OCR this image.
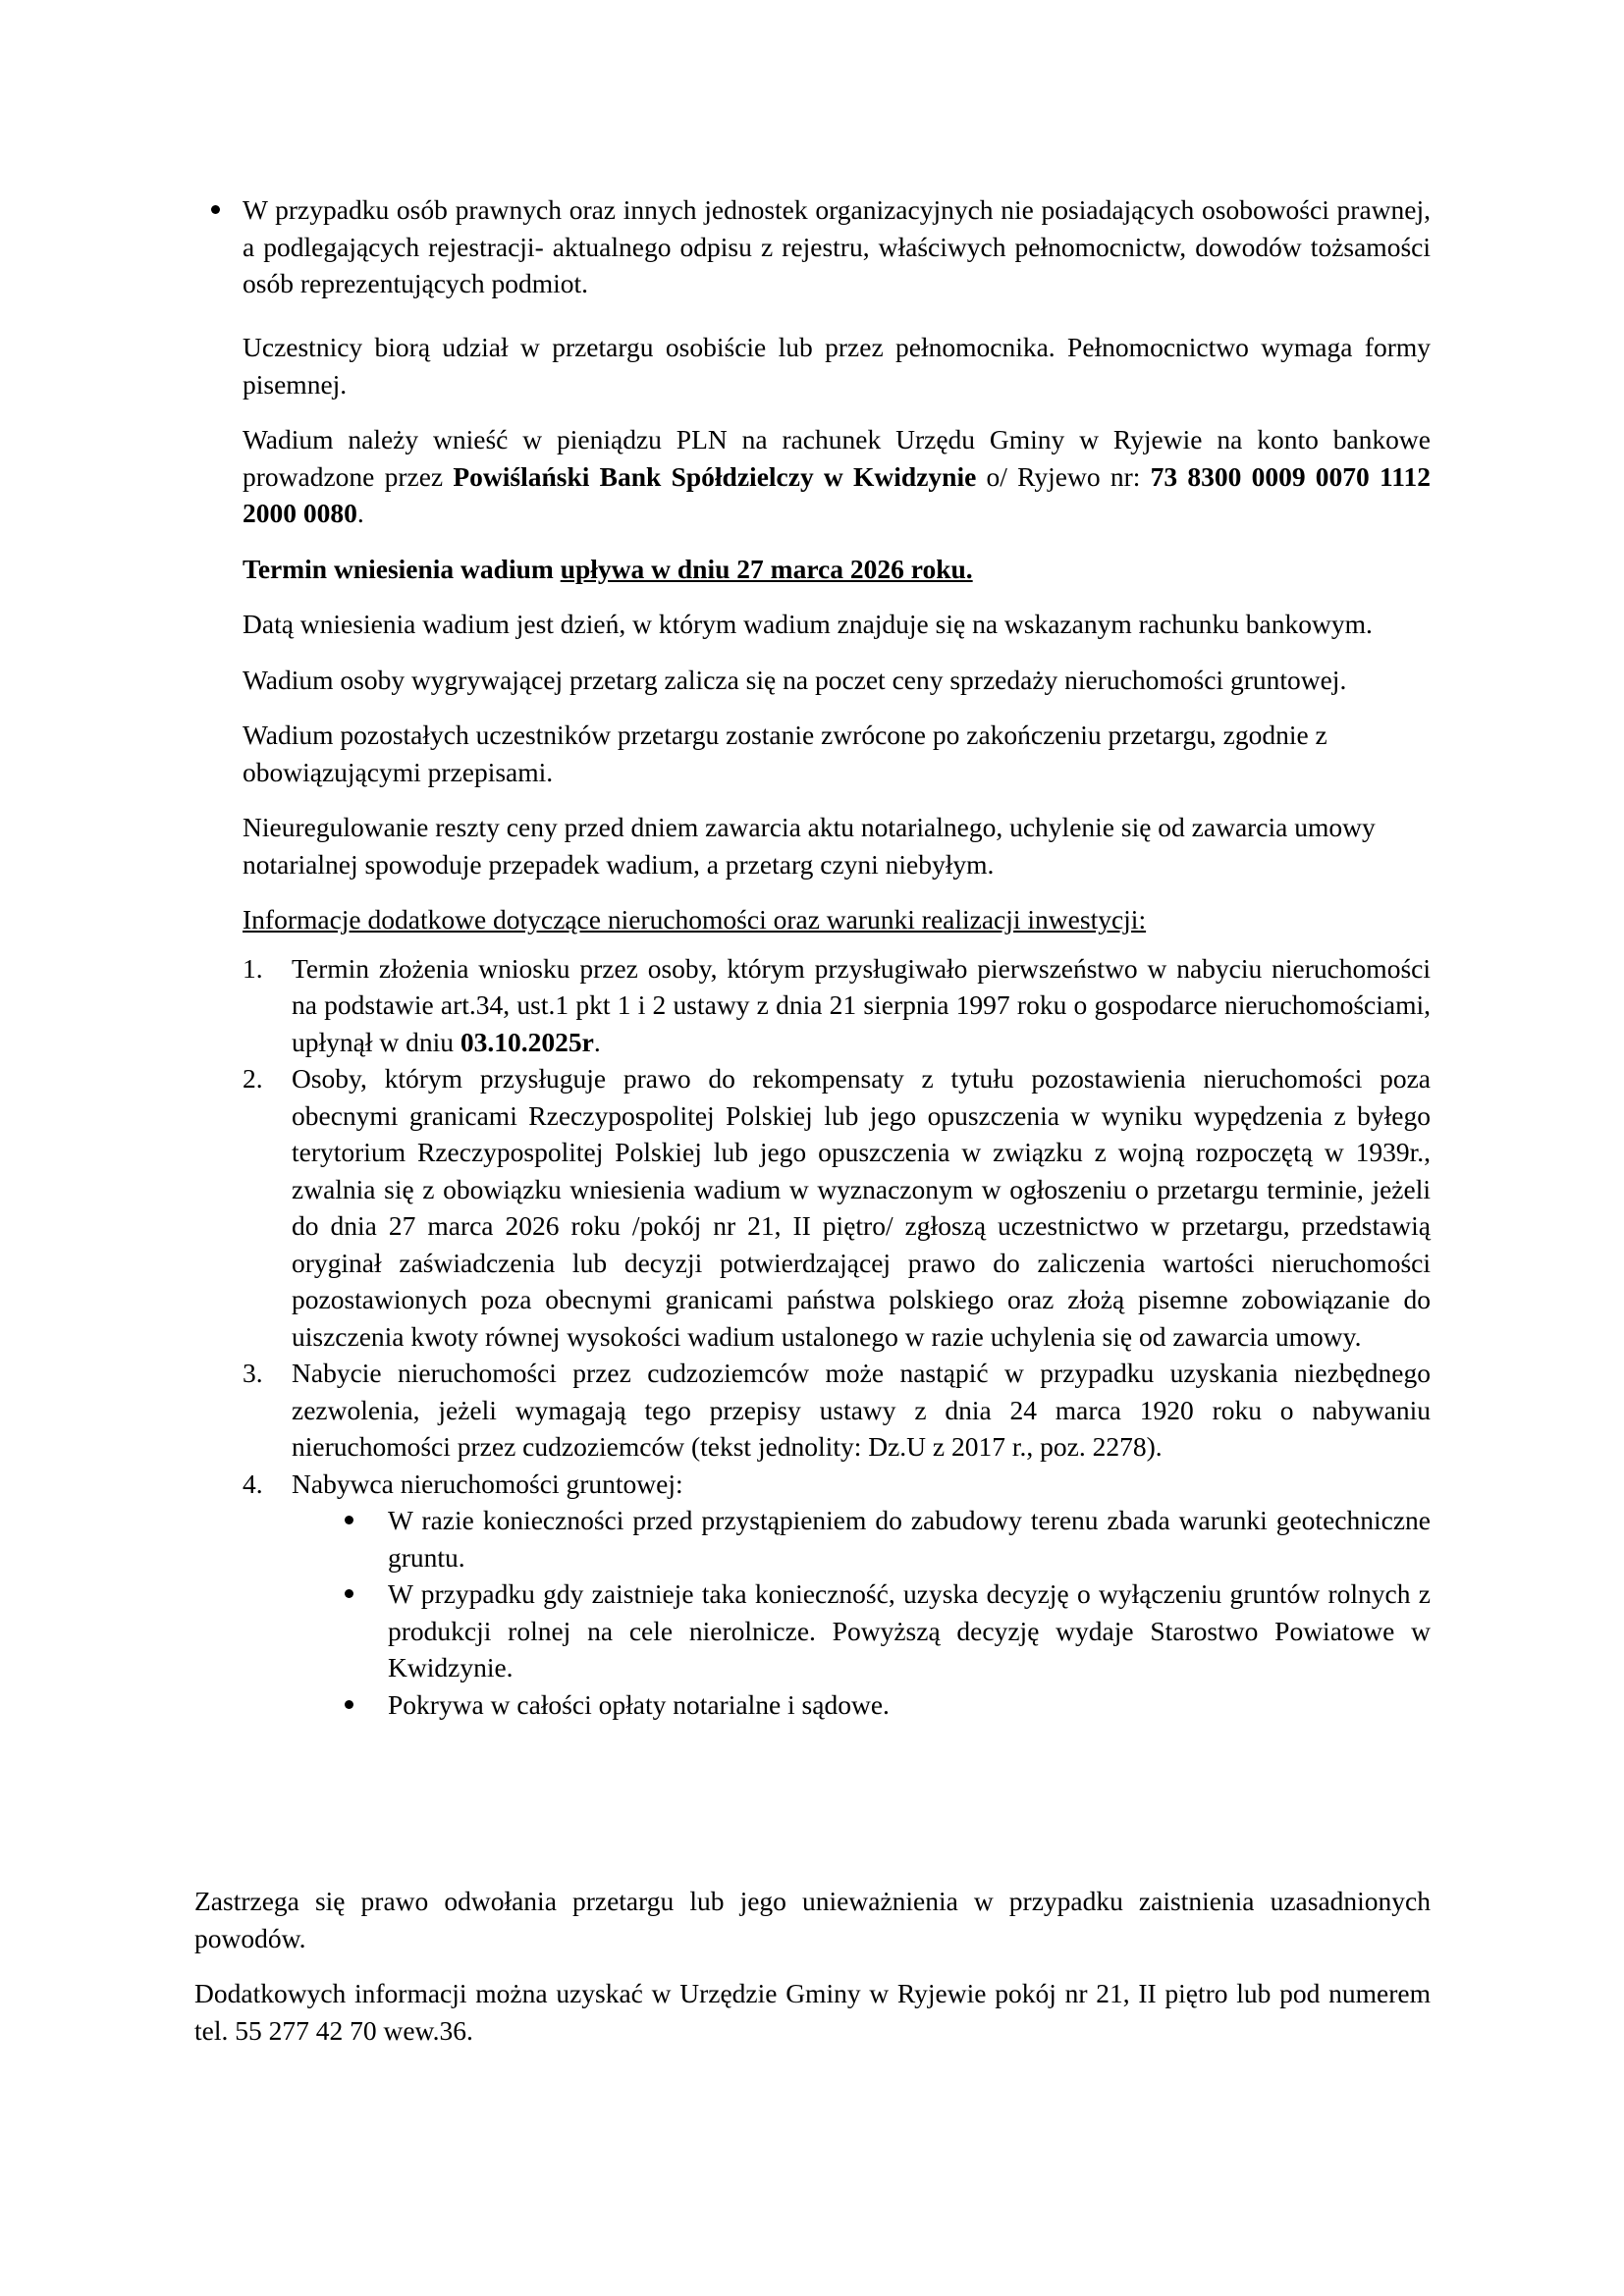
W przypadku osób prawnych oraz innych jednostek organizacyjnych nie posiadających osobowości prawnej, a podlegających rejestracji- aktualnego odpisu z rejestru, właściwych pełnomocnictw, dowodów tożsamości osób reprezentujących podmiot.

Uczestnicy biorą udział w przetargu osobiście lub przez pełnomocnika. Pełnomocnictwo wymaga formy pisemnej.

Wadium należy wnieść w pieniądzu PLN na rachunek Urzędu Gminy w Ryjewie na konto bankowe prowadzone przez Powiślański Bank Spółdzielczy w Kwidzynie o/ Ryjewo nr: 73 8300 0009 0070 1112 2000 0080.

Termin wniesienia wadium upływa w dniu 27 marca 2026 roku.

Datą wniesienia wadium jest dzień, w którym wadium znajduje się na wskazanym rachunku bankowym.

Wadium osoby wygrywającej przetarg zalicza się na poczet ceny sprzedaży nieruchomości gruntowej.

Wadium pozostałych uczestników przetargu zostanie zwrócone po zakończeniu przetargu, zgodnie z obowiązującymi przepisami.

Nieuregulowanie reszty ceny przed dniem zawarcia aktu notarialnego, uchylenie się od zawarcia umowy notarialnej spowoduje przepadek wadium, a przetarg czyni niebyłym.

Informacje dodatkowe dotyczące nieruchomości oraz warunki realizacji inwestycji:

1. Termin złożenia wniosku przez osoby, którym przysługiwało pierwszeństwo w nabyciu nieruchomości na podstawie art.34, ust.1 pkt 1 i 2 ustawy z dnia 21 sierpnia 1997 roku o gospodarce nieruchomościami, upłynął w dniu 03.10.2025r.
2. Osoby, którym przysługuje prawo do rekompensaty z tytułu pozostawienia nieruchomości poza obecnymi granicami Rzeczypospolitej Polskiej lub jego opuszczenia w wyniku wypędzenia z byłego terytorium Rzeczypospolitej Polskiej lub jego opuszczenia w związku z wojną rozpoczętą w 1939r., zwalnia się z obowiązku wniesienia wadium w wyznaczonym w ogłoszeniu o przetargu terminie, jeżeli do dnia 27 marca 2026 roku /pokój nr 21, II piętro/ zgłoszą uczestnictwo w przetargu, przedstawią oryginał zaświadczenia lub decyzji potwierdzającej prawo do zaliczenia wartości nieruchomości pozostawionych poza obecnymi granicami państwa polskiego oraz złożą pisemne zobowiązanie do uiszczenia kwoty równej wysokości wadium ustalonego w razie uchylenia się od zawarcia umowy.
3. Nabycie nieruchomości przez cudzoziemców może nastąpić w przypadku uzyskania niezbędnego zezwolenia, jeżeli wymagają tego przepisy ustawy z dnia 24 marca 1920 roku o nabywaniu nieruchomości przez cudzoziemców (tekst jednolity: Dz.U z 2017 r., poz. 2278).
4. Nabywca nieruchomości gruntowej:
W razie konieczności przed przystąpieniem do zabudowy terenu zbada warunki geotechniczne gruntu.
W przypadku gdy zaistnieje taka konieczność, uzyska decyzję o wyłączeniu gruntów rolnych z produkcji rolnej na cele nierolnicze. Powyższą decyzję wydaje Starostwo Powiatowe w Kwidzynie.
Pokrywa w całości opłaty notarialne i sądowe.

Zastrzega się prawo odwołania przetargu lub jego unieważnienia w przypadku zaistnienia uzasadnionych powodów.

Dodatkowych informacji można uzyskać w Urzędzie Gminy w Ryjewie pokój nr 21, II piętro lub pod numerem tel. 55 277 42 70 wew.36.
